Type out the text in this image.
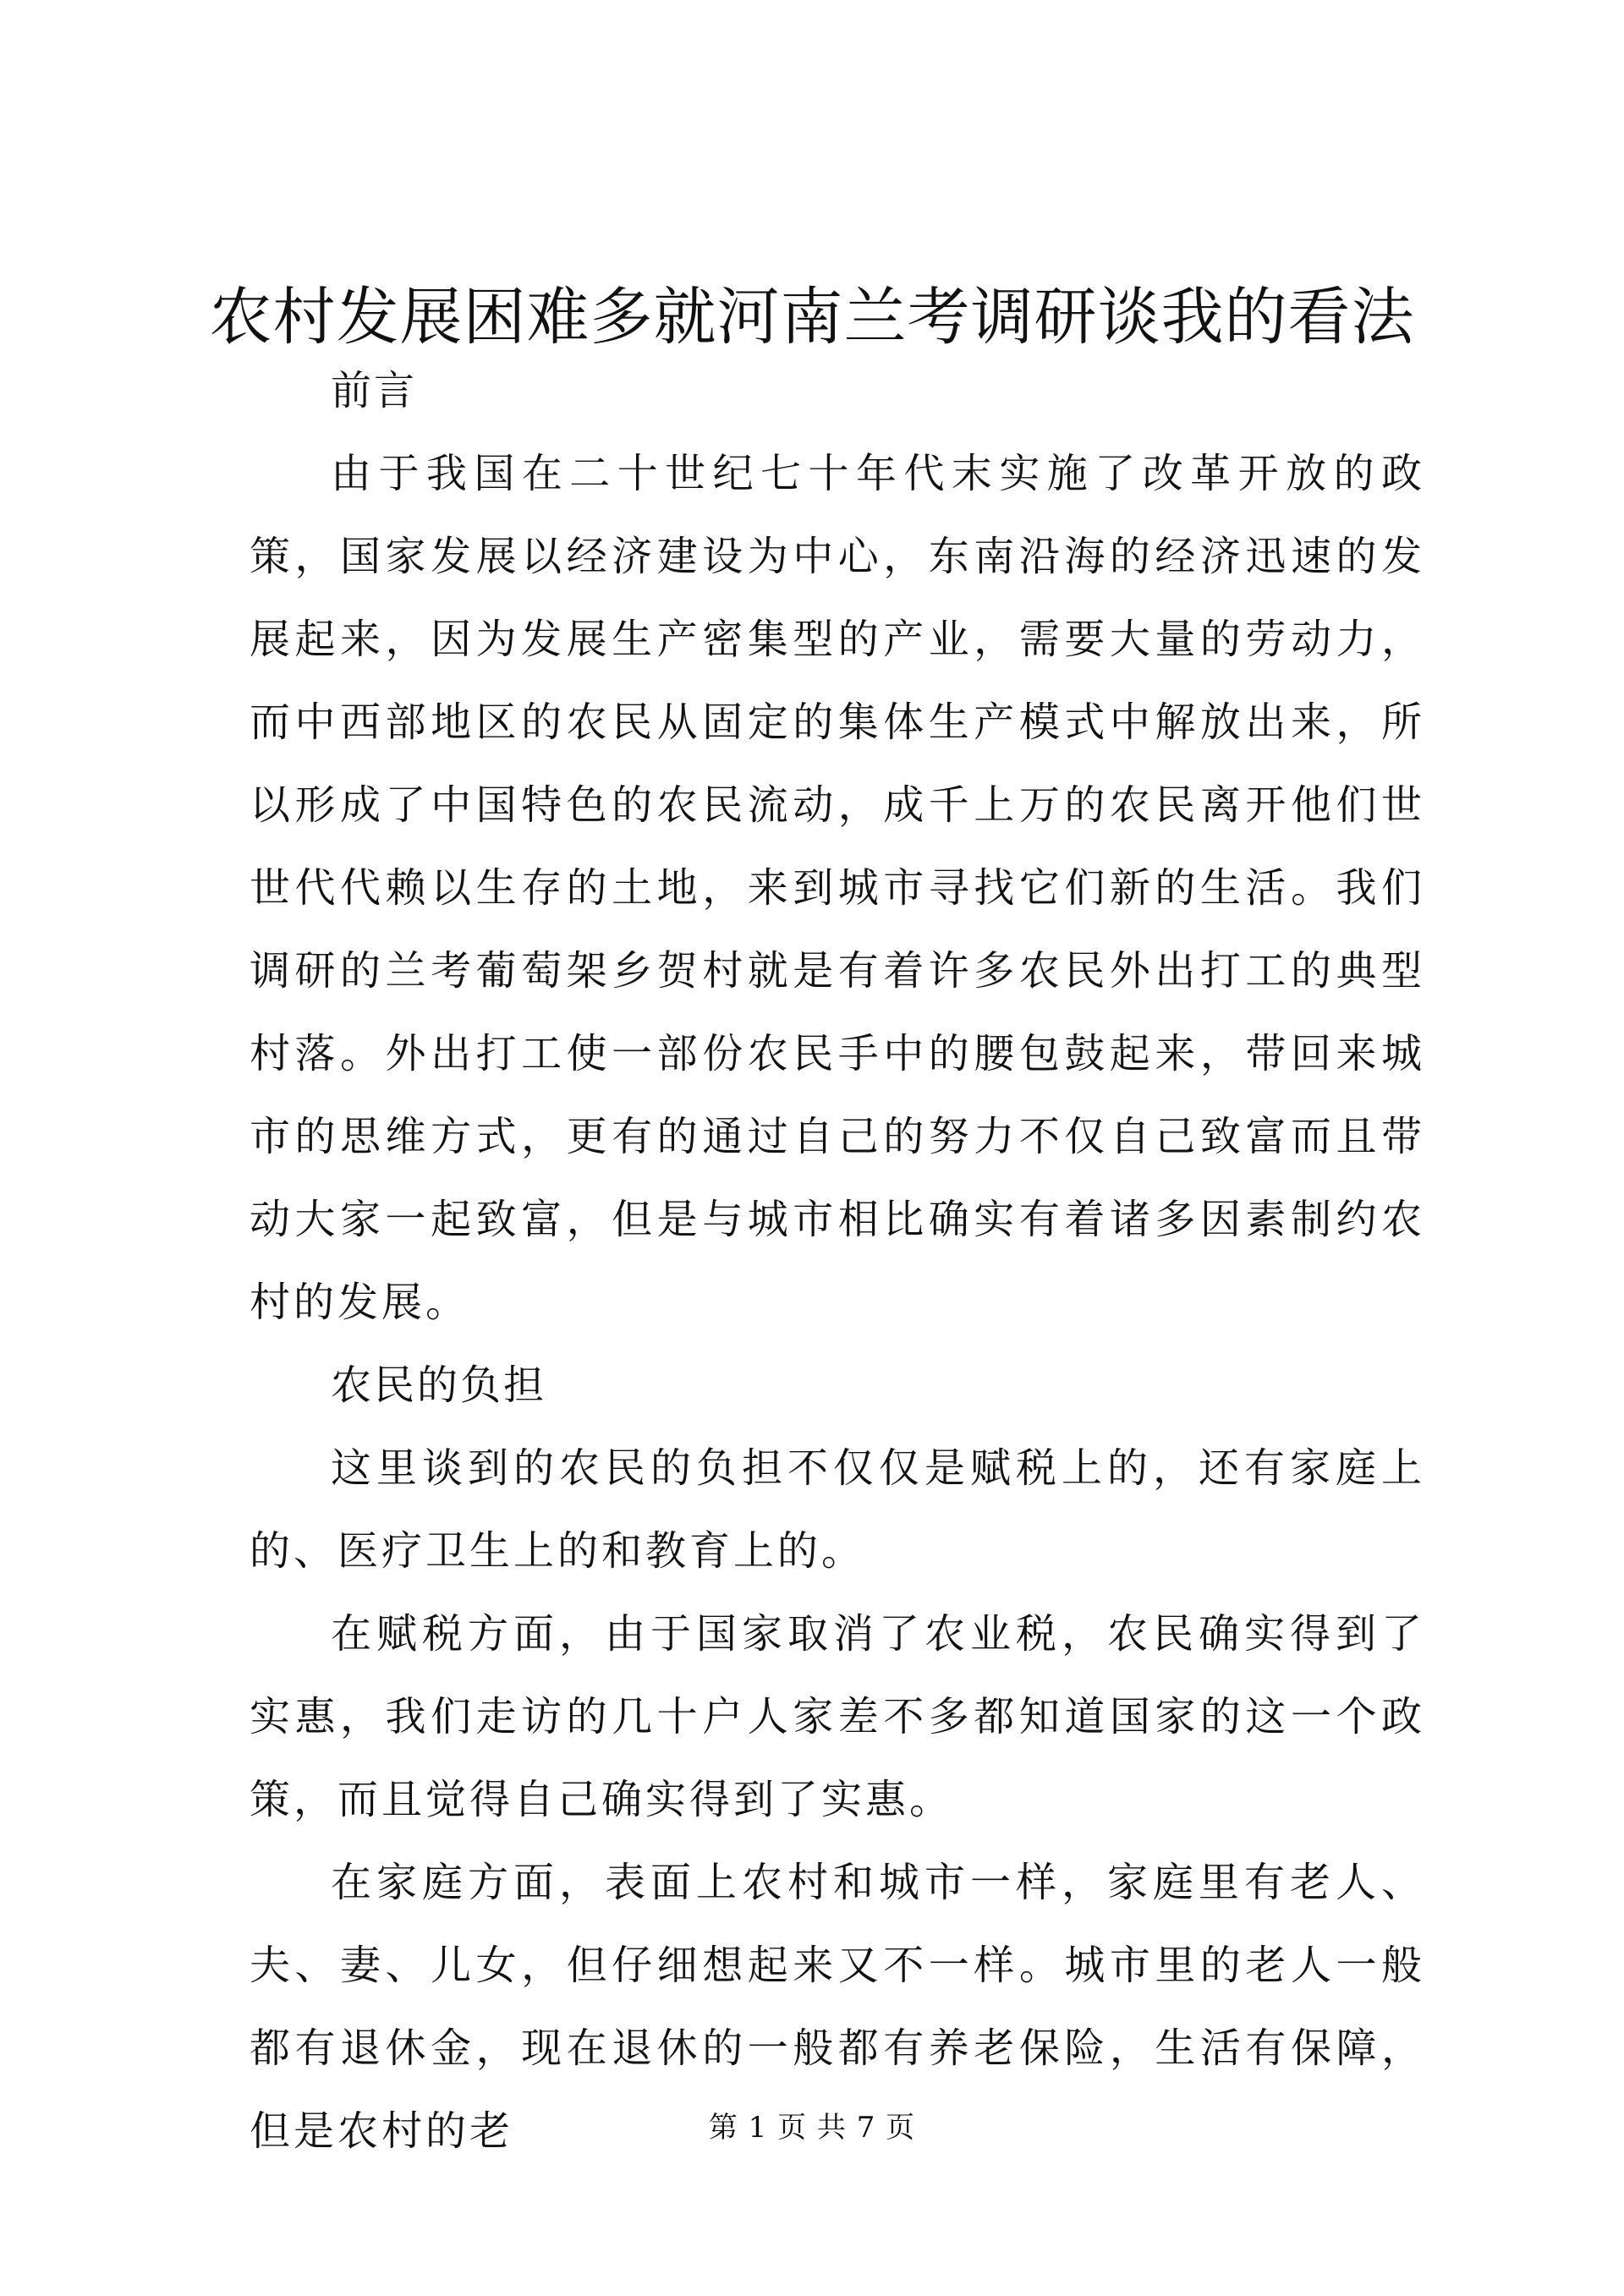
农村发展困难多就河南兰考调研谈我的看法

前言

由于我国在二十世纪七十年代末实施了改革开放的政策，国家发展以经济建设为中心，东南沿海的经济迅速的发展起来，因为发展生产密集型的产业，需要大量的劳动力，而中西部地区的农民从固定的集体生产模式中解放出来，所以形成了中国特色的农民流动，成千上万的农民离开他们世世代代赖以生存的土地，来到城市寻找它们新的生活。我们调研的兰考葡萄架乡贺村就是有着许多农民外出打工的典型村落。外出打工使一部份农民手中的腰包鼓起来，带回来城市的思维方式，更有的通过自己的努力不仅自己致富而且带动大家一起致富，但是与城市相比确实有着诸多因素制约农村的发展。

农民的负担

这里谈到的农民的负担不仅仅是赋税上的，还有家庭上的、医疗卫生上的和教育上的。

在赋税方面，由于国家取消了农业税，农民确实得到了实惠，我们走访的几十户人家差不多都知道国家的这一个政策，而且觉得自己确实得到了实惠。

在家庭方面，表面上农村和城市一样，家庭里有老人、夫、妻、儿女，但仔细想起来又不一样。城市里的老人一般都有退休金，现在退休的一般都有养老保险，生活有保障，但是农村的老	第 1 页 共 7 页
